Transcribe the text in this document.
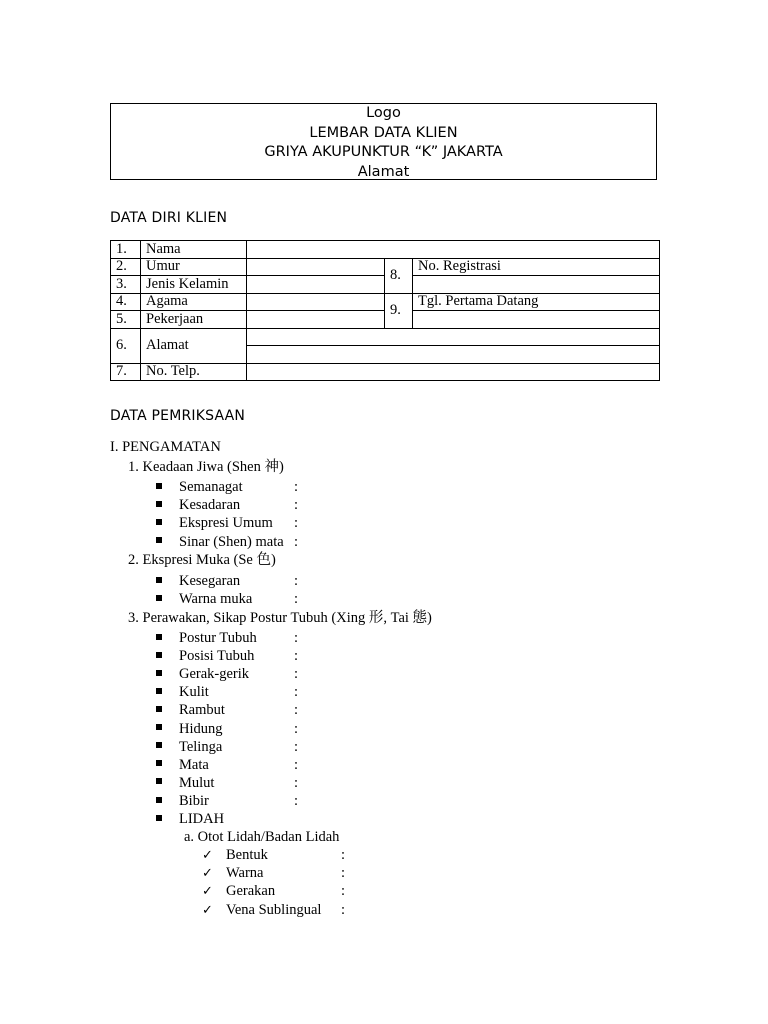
Logo
LEMBAR DATA KLIEN
GRIYA AKUPUNKTUR “K” JAKARTA
Alamat
DATA DIRI KLIEN
1.	Nama			
2.	Umur		8.	No. Registrasi
3.	Jenis Kelamin			
4.	Agama		9.	Tgl. Pertama Datang
5.	Pekerjaan			
6.	Alamat			

7.	No. Telp.			
DATA PEMRIKSAAN
I. PENGAMATAN
1. Keadaan Jiwa (Shen 神)
Semanagat	:
Kesadaran	:
Ekspresi Umum :
Sinar (Shen) mata :
2. Ekspresi Muka (Se 色)
Kesegaran	:
Warna muka	:
3. Perawakan, Sikap Postur Tubuh (Xing 形, Tai 態)
Postur Tubuh	:
Posisi Tubuh	:
Gerak-gerik	:
Kulit	:
Rambut	:
Hidung	:
Telinga	:
Mata	:
Mulut	:
Bibir	:
LIDAH
a. Otot Lidah/Badan Lidah
✓ Bentuk	:
✓ Warna	:
✓ Gerakan	:
✓ Vena Sublingual :
